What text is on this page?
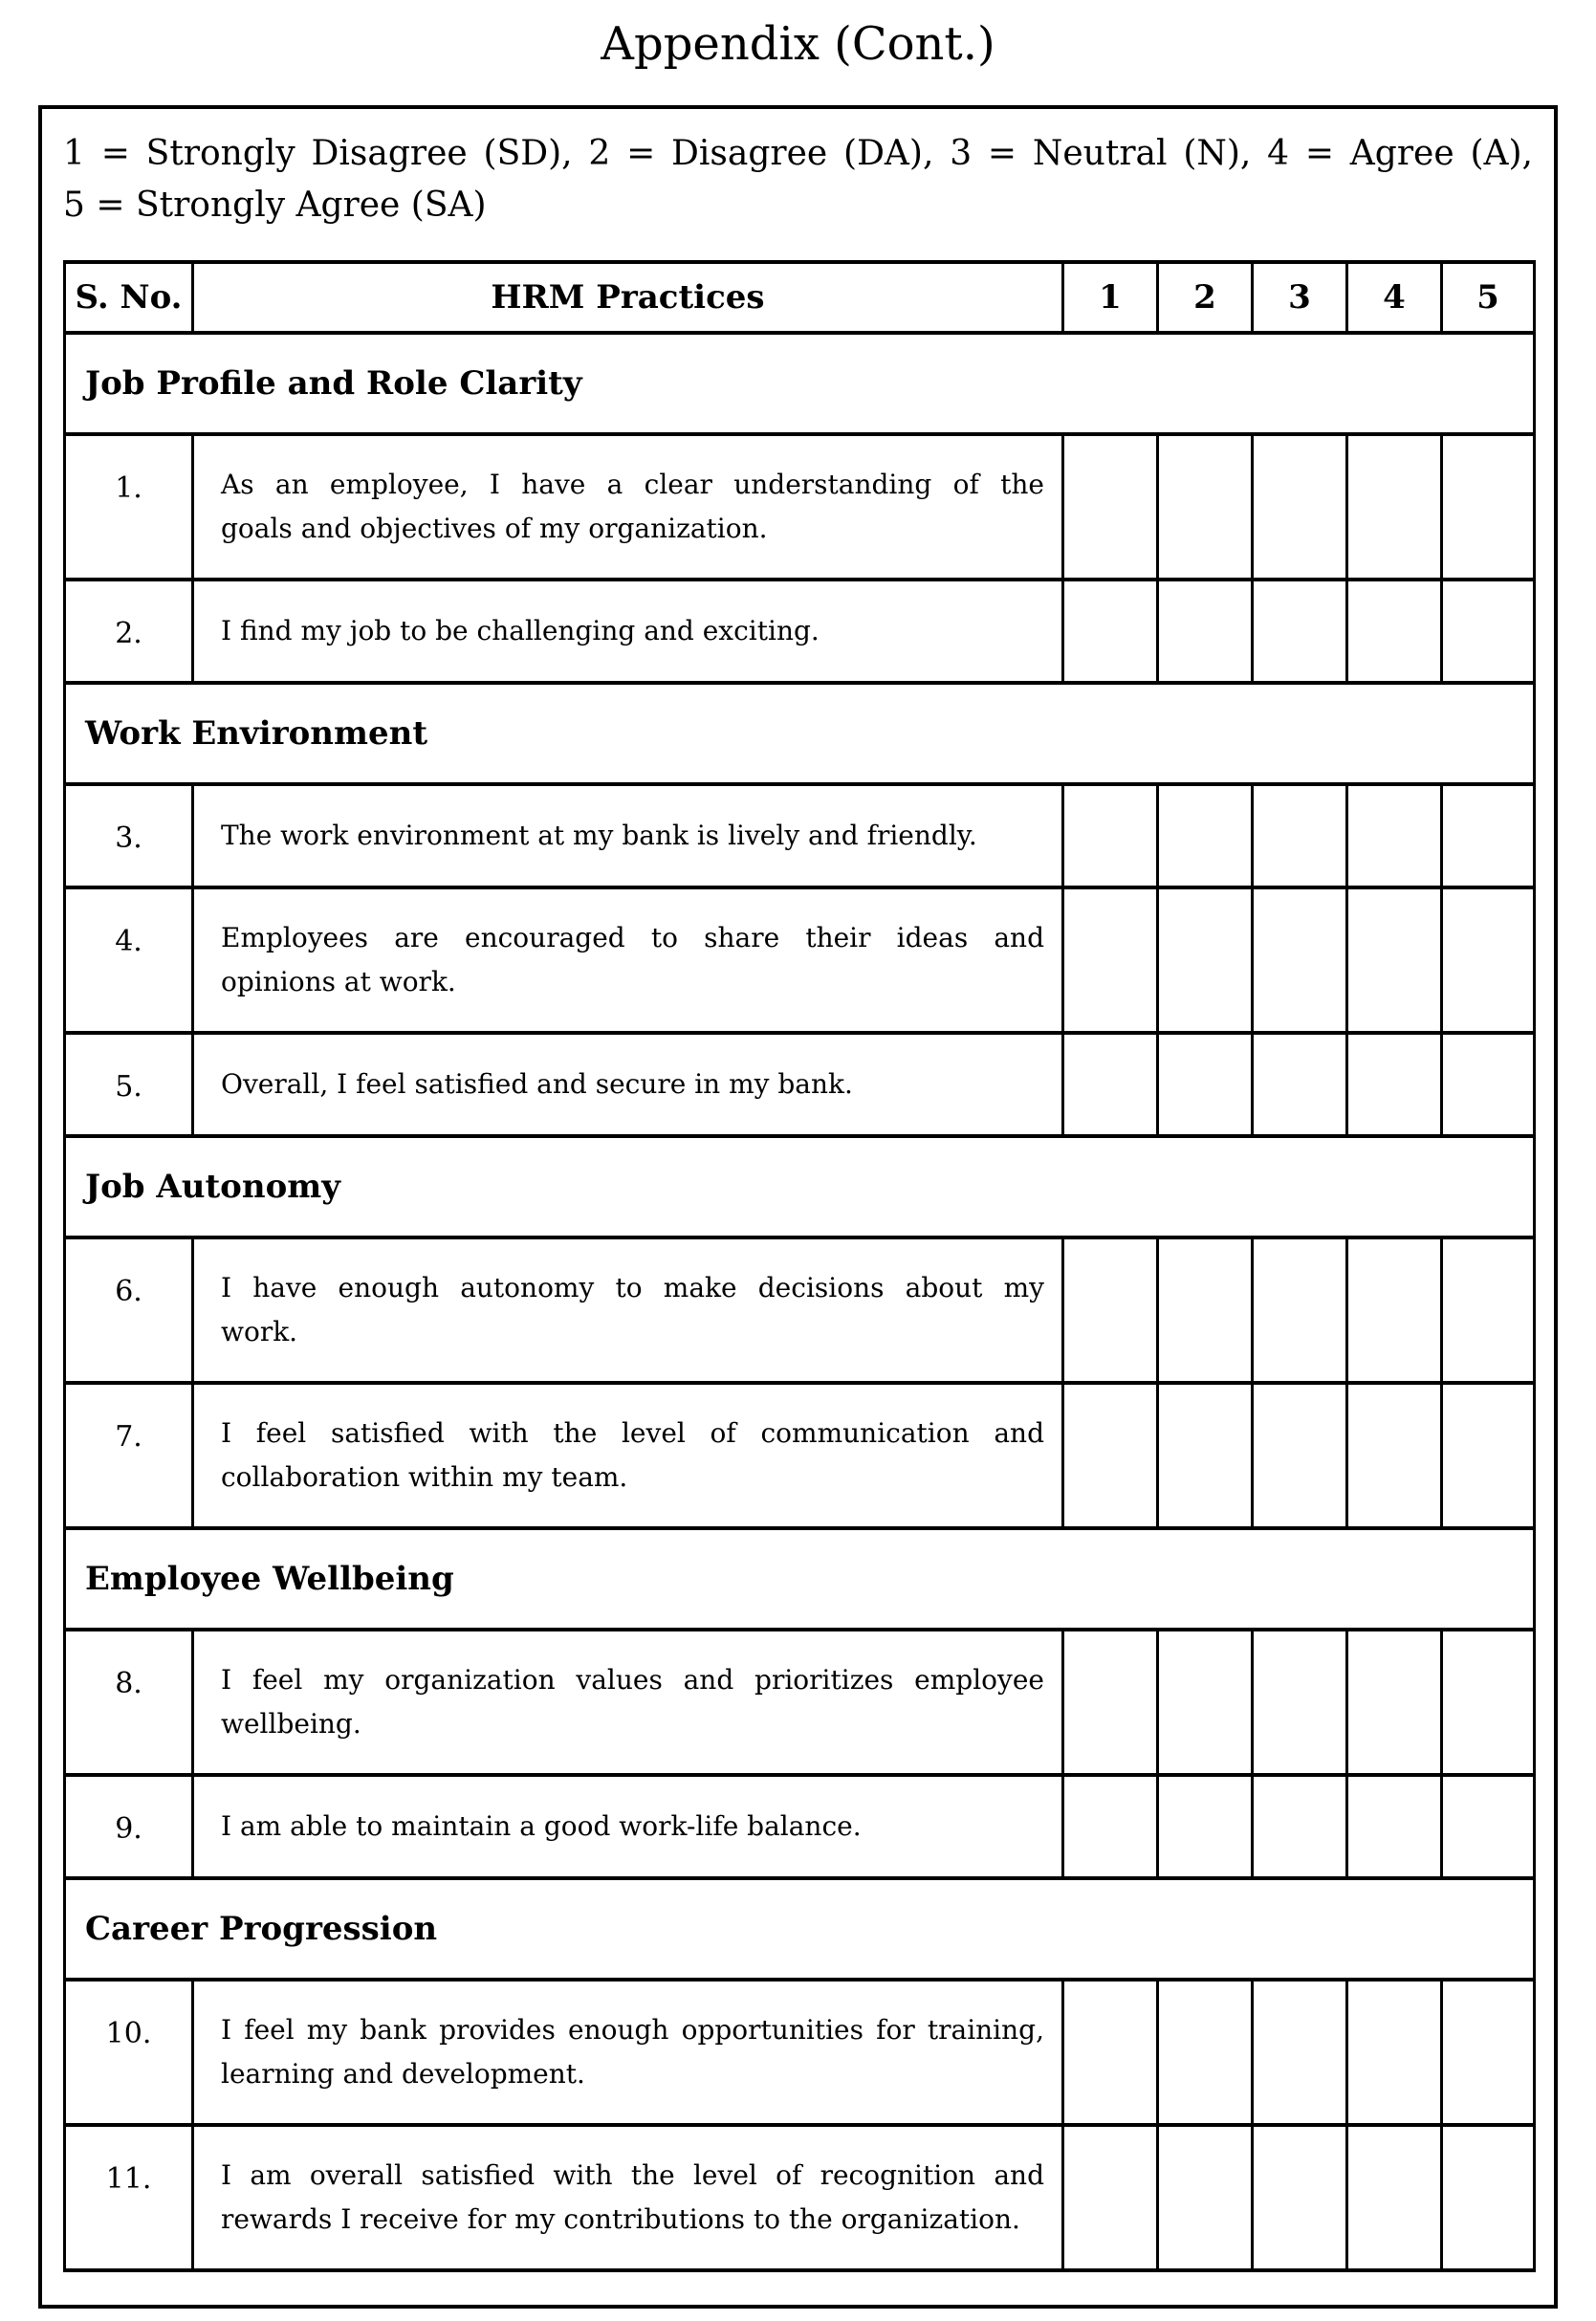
Appendix (Cont.)
1 = Strongly Disagree (SD), 2 = Disagree (DA), 3 = Neutral (N), 4 = Agree (A),
5 = Strongly Agree (SA)
S. No.	HRM Practices	1	2	3	4	5
Job Profile and Role Clarity						
1.	As an employee, I have a clear understanding of the
goals and objectives of my organization.					

2.	I find my job to be challenging and exciting.					

Work Environment						
3.	The work environment at my bank is lively and friendly.					

4.	Employees are encouraged to share their ideas and
opinions at work.					

5.	Overall, I feel satisfied and secure in my bank.					

Job Autonomy						
6.	I have enough autonomy to make decisions about my
work.					

7.	I feel satisfied with the level of communication and
collaboration within my team.					

Employee Wellbeing						
8.	I feel my organization values and prioritizes employee
wellbeing.					

9.	I am able to maintain a good work-life balance.					

Career Progression						
10.	I feel my bank provides enough opportunities for training,
learning and development.					

11.	I am overall satisfied with the level of recognition and
rewards I receive for my contributions to the organization.					
